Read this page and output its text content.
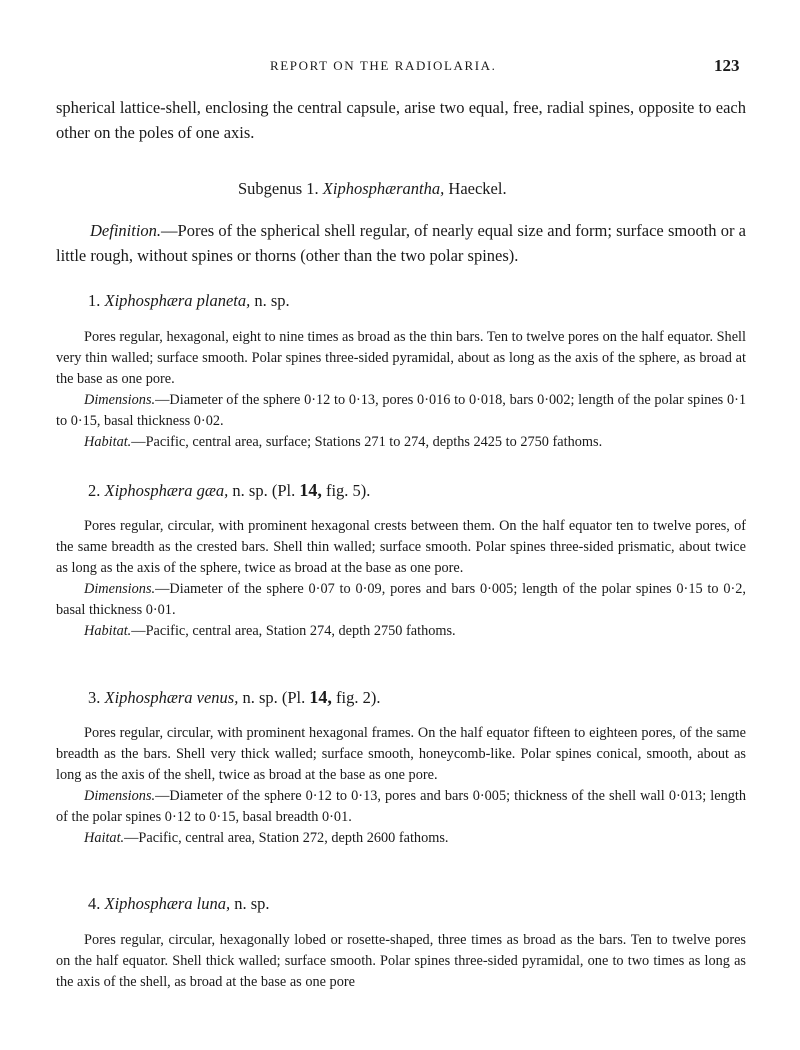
REPORT ON THE RADIOLARIA.	123
spherical lattice-shell, enclosing the central capsule, arise two equal, free, radial spines, opposite to each other on the poles of one axis.
Subgenus 1. Xiphosphærantha, Haeckel.
Definition.—Pores of the spherical shell regular, of nearly equal size and form; surface smooth or a little rough, without spines or thorns (other than the two polar spines).
1. Xiphosphæra planeta, n. sp.

Pores regular, hexagonal, eight to nine times as broad as the thin bars. Ten to twelve pores on the half equator. Shell very thin walled; surface smooth. Polar spines three-sided pyramidal, about as long as the axis of the sphere, as broad at the base as one pore.

Dimensions.—Diameter of the sphere 0·12 to 0·13, pores 0·016 to 0·018, bars 0·002; length of the polar spines 0·1 to 0·15, basal thickness 0·02.

Habitat.—Pacific, central area, surface; Stations 271 to 274, depths 2425 to 2750 fathoms.

2. Xiphosphæra gæa, n. sp. (Pl. 14, fig. 5).

Pores regular, circular, with prominent hexagonal crests between them. On the half equator ten to twelve pores, of the same breadth as the crested bars. Shell thin walled; surface smooth. Polar spines three-sided prismatic, about twice as long as the axis of the sphere, twice as broad at the base as one pore.

Dimensions.—Diameter of the sphere 0·07 to 0·09, pores and bars 0·005; length of the polar spines 0·15 to 0·2, basal thickness 0·01.

Habitat.—Pacific, central area, Station 274, depth 2750 fathoms.

3. Xiphosphæra venus, n. sp. (Pl. 14, fig. 2).

Pores regular, circular, with prominent hexagonal frames. On the half equator fifteen to eighteen pores, of the same breadth as the bars. Shell very thick walled; surface smooth, honeycomb-like. Polar spines conical, smooth, about as long as the axis of the shell, twice as broad at the base as one pore.

Dimensions.—Diameter of the sphere 0·12 to 0·13, pores and bars 0·005; thickness of the shell wall 0·013; length of the polar spines 0·12 to 0·15, basal breadth 0·01.

Haitat.—Pacific, central area, Station 272, depth 2600 fathoms.

4. Xiphosphæra luna, n. sp.

Pores regular, circular, hexagonally lobed or rosette-shaped, three times as broad as the bars. Ten to twelve pores on the half equator. Shell thick walled; surface smooth. Polar spines three-sided pyramidal, one to two times as long as the axis of the shell, as broad at the base as one pore
